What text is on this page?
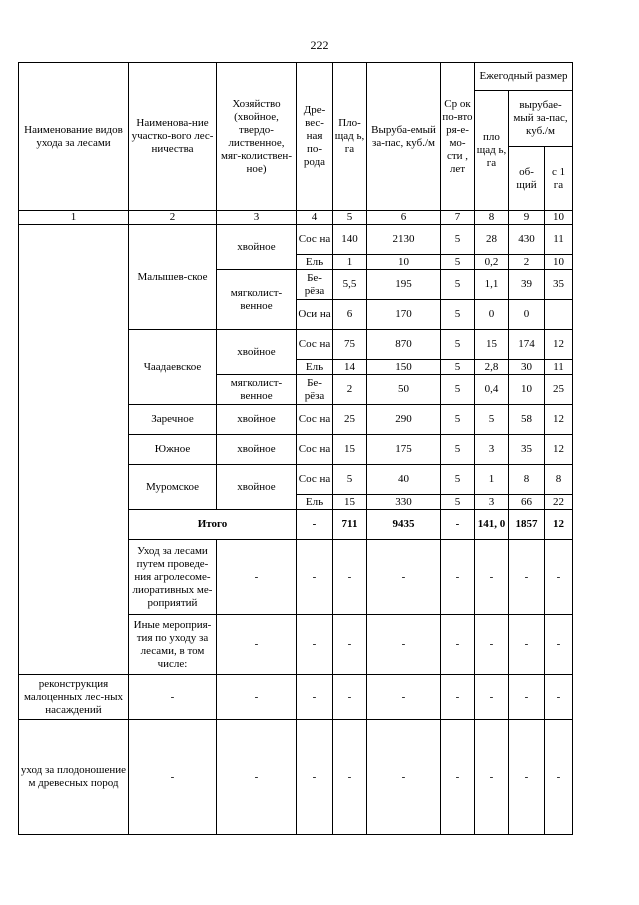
222
Наименование видов ухода за лесами	Наименова-ние участко-вого лес-ничества	Хозяйство (хвойное, твердо-лиственное, мяг-колиствен-ное)	Дре-вес-ная по-рода	Пло-щад ь, га	Выруба-емый за-пас, куб./м	Ср ок по-вто ря-е-мо-сти , лет	Ежегодный размер			
							пло щад ь, га	вырубае-мый за-пас, куб./м		
								об-щий	с 1 га	
1	2	3	4	5	6	7	8	9	10	
	Малышев-ское	хвойное	Сос на	140	2130	5	28	430	11	
			Ель	1	10	5	0,2	2	10	
		мягколист-венное	Бе-рёза	5,5	195	5	1,1	39	35	
			Оси на	6	170	5	0	0		
	Чаадаевское	хвойное	Сос на	75	870	5	15	174	12	
			Ель	14	150	5	2,8	30	11	
		мягколист-венное	Бе-рёза	2	50	5	0,4	10	25	
	Заречное	хвойное	Сос на	25	290	5	5	58	12	
	Южное	хвойное	Сос на	15	175	5	3	35	12	
	Муромское	хвойное	Сос на	5	40	5	1	8	8	
			Ель	15	330	5	3	66	22	
	Итого		-	711	9435	-	141, 0	1857	12	
	Уход за лесами путем проведе-ния агролесоме-лиоративных ме-роприятий	-	-	-	-	-	-	-	-	
	Иные мероприя-тия по уходу за лесами, в том числе:	-	-	-	-	-	-	-	-	
реконструкция малоценных лес-ных насаждений	-	-	-	-	-	-	-	-	-	
уход за плодоношение м древесных пород	-	-	-	-	-	-	-	-	-	
